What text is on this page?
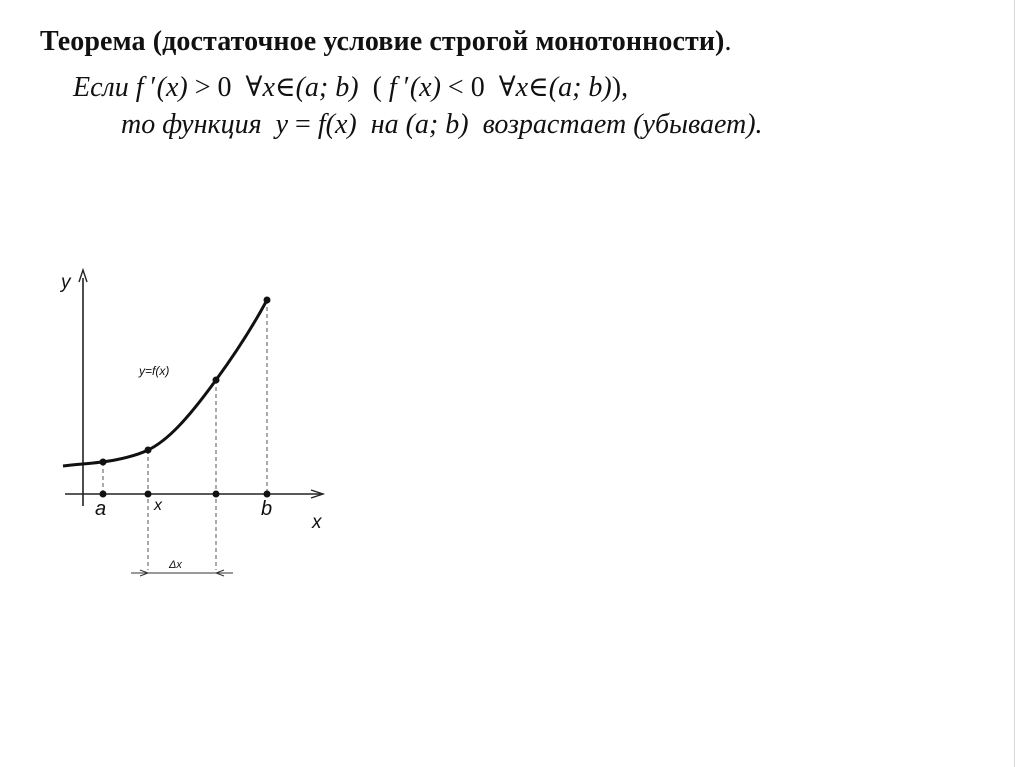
Теорема (достаточное условие строгой монотонности).
Если f ′(x) > 0 ∀x∈(a; b) ( f ′(x) < 0 ∀x∈(a; b)),
то функция y = f(x) на (a; b) возрастает (убывает).
y
x
a	x	b
y=f(x)
Δx
